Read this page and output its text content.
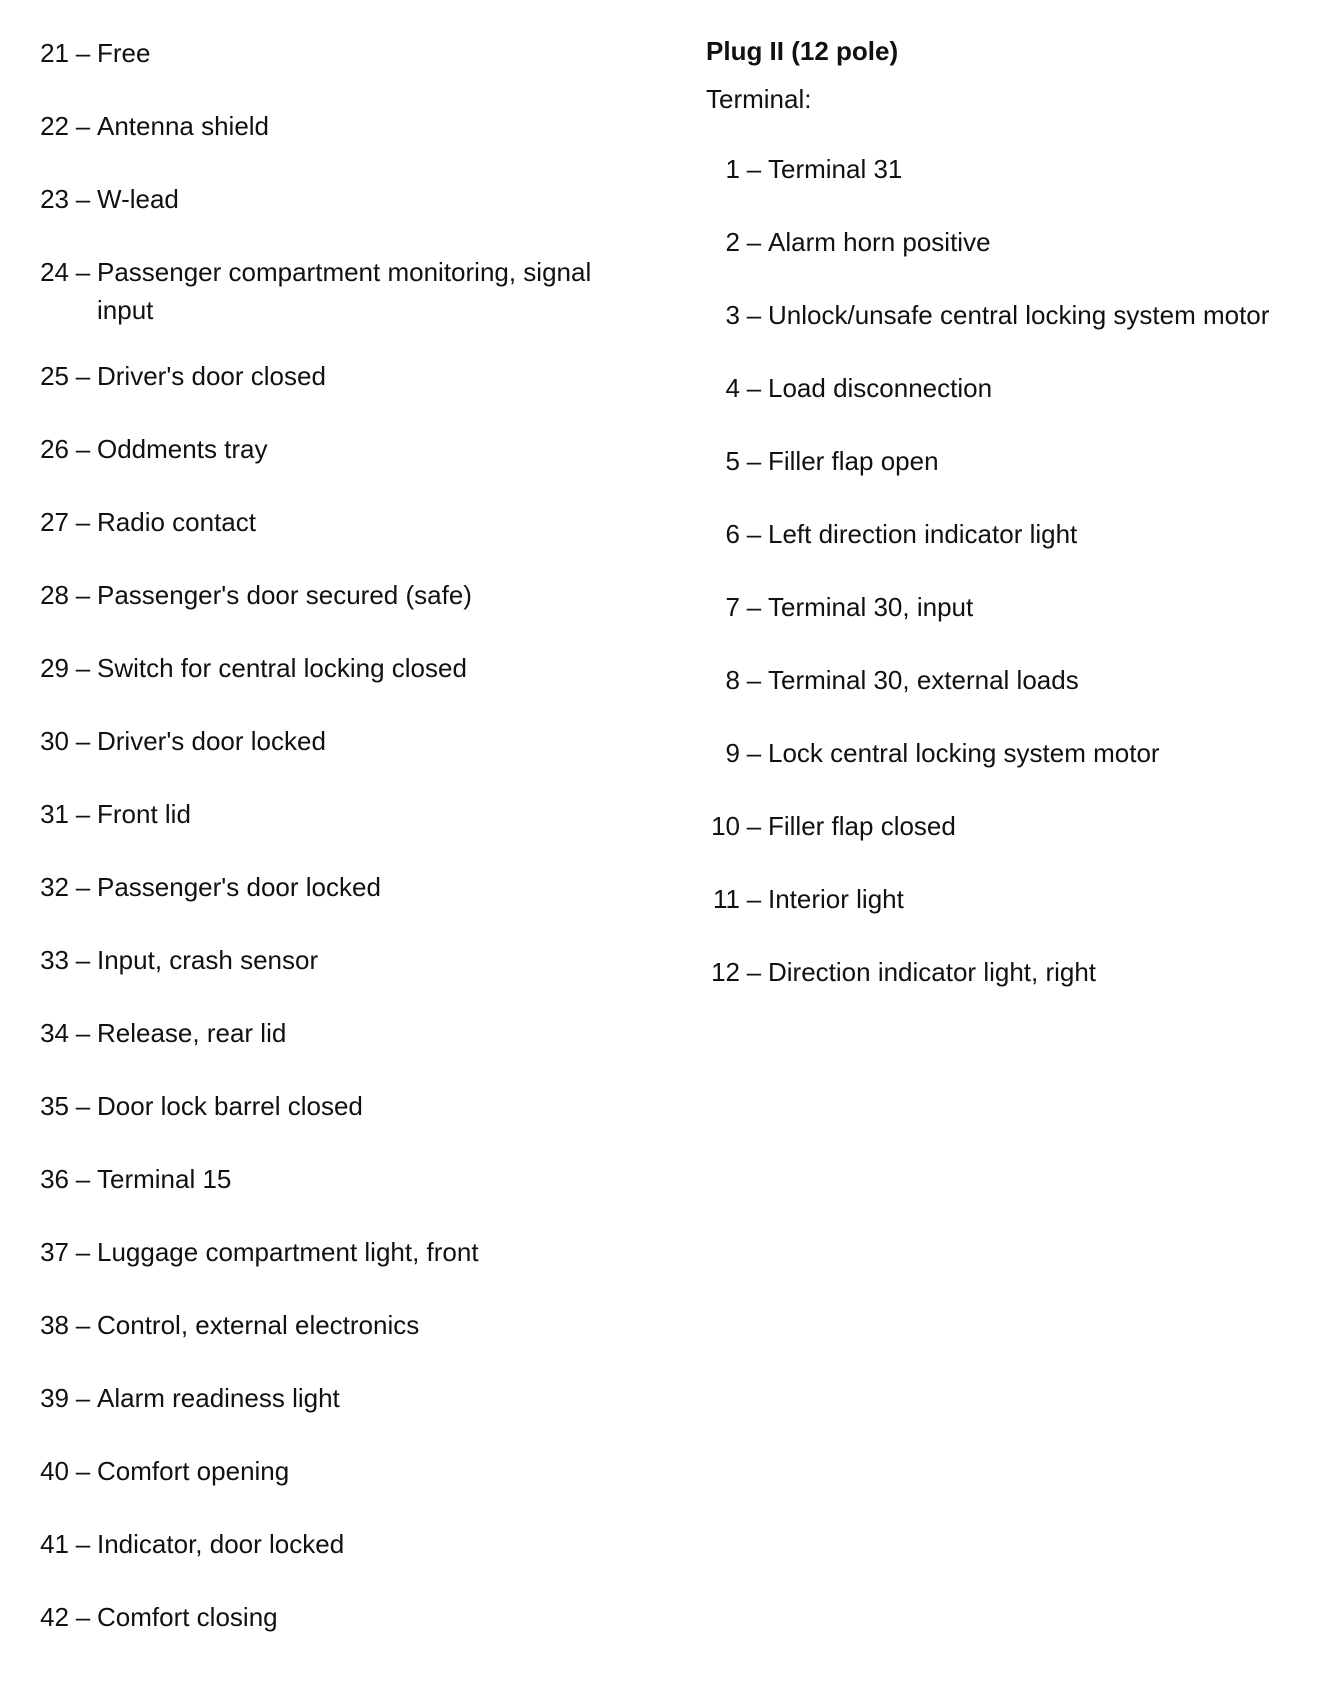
21 – Free
22 – Antenna shield
23 – W-lead
24 – Passenger compartment monitoring, signal input
25 – Driver's door closed
26 – Oddments tray
27 – Radio contact
28 – Passenger's door secured (safe)
29 – Switch for central locking closed
30 – Driver's door locked
31 – Front lid
32 – Passenger's door locked
33 – Input, crash sensor
34 – Release, rear lid
35 – Door lock barrel closed
36 – Terminal 15
37 – Luggage compartment light, front
38 – Control, external electronics
39 – Alarm readiness light
40 – Comfort opening
41 – Indicator, door locked
42 – Comfort closing
Plug II (12 pole)
Terminal:
1 – Terminal 31
2 – Alarm horn positive
3 – Unlock/unsafe central locking system motor
4 – Load disconnection
5 – Filler flap open
6 – Left direction indicator light
7 – Terminal 30, input
8 – Terminal 30, external loads
9 – Lock central locking system motor
10 – Filler flap closed
11 – Interior light
12 – Direction indicator light, right
